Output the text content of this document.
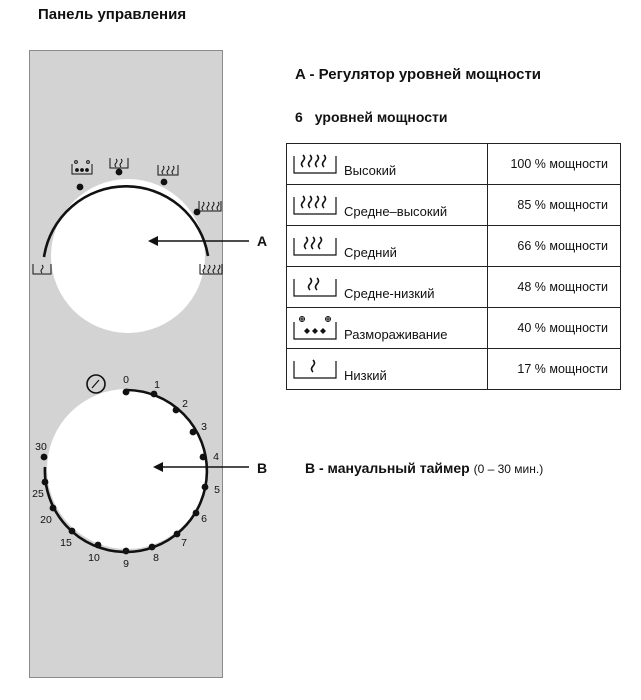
Панель управления
0 1
2
3
4
5
6
7
8
9
10
15
20
25
30
A
B
A - Регулятор уровней мощности
6 уровней мощности
Высокий	100 % мощности

Средне–высокий	85 % мощности

Средний	66 % мощности

Средне-низкий	48 % мощности

Размораживание	40 % мощности

Низкий	17 % мощности
B - мануальный таймер (0 – 30 мин.)
